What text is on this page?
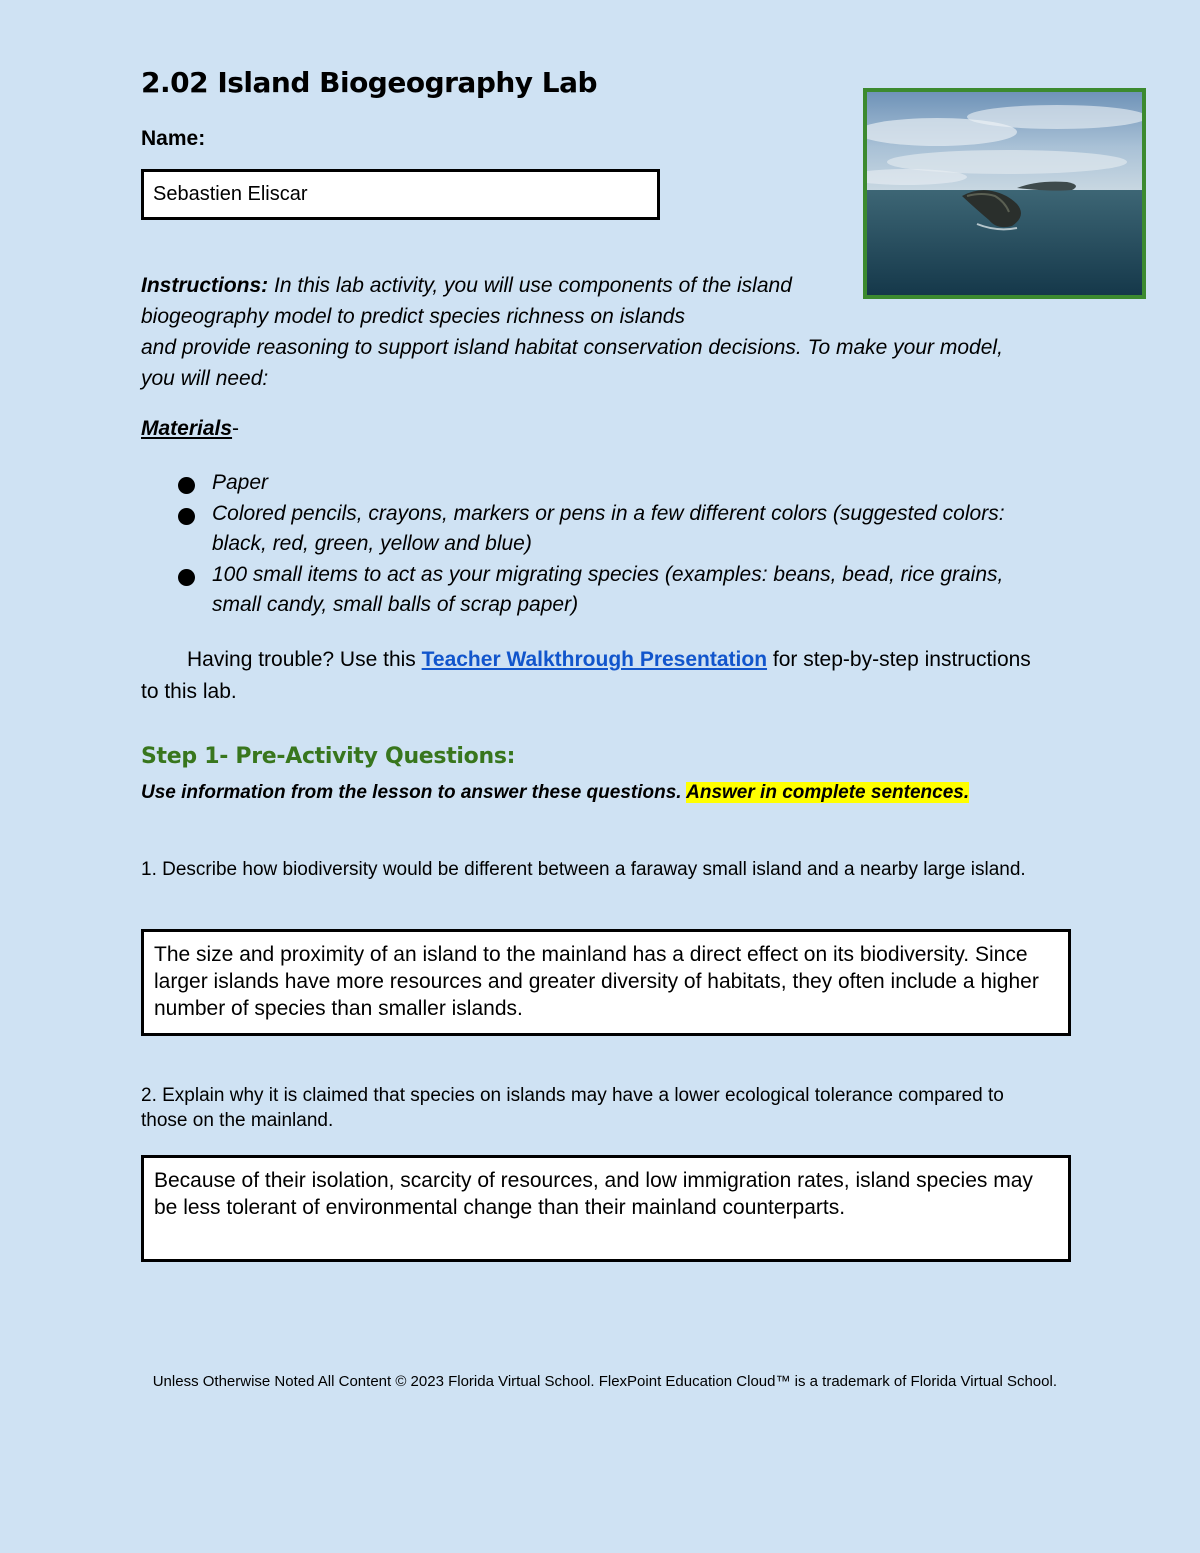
2.02 Island Biogeography Lab
Name:
Sebastien Eliscar

Instructions: In this lab activity, you will use components of the island biogeography model to predict species richness on islands
and provide reasoning to support island habitat conservation decisions. To make your model, you will need:

Materials-
Paper
Colored pencils, crayons, markers or pens in a few different colors (suggested colors: black, red, green, yellow and blue)
100 small items to act as your migrating species (examples: beans, bead, rice grains, small candy, small balls of scrap paper)

Having trouble? Use this Teacher Walkthrough Presentation for step-by-step instructions to this lab.

Step 1- Pre-Activity Questions:

Use information from the lesson to answer these questions. Answer in complete sentences.

1. Describe how biodiversity would be different between a faraway small island and a nearby large island.

The size and proximity of an island to the mainland has a direct effect on its biodiversity. Since larger islands have more resources and greater diversity of habitats, they often include a higher number of species than smaller islands.

2. Explain why it is claimed that species on islands may have a lower ecological tolerance compared to those on the mainland.

Because of their isolation, scarcity of resources, and low immigration rates, island species may be less tolerant of environmental change than their mainland counterparts.

Unless Otherwise Noted All Content © 2023 Florida Virtual School. FlexPoint Education Cloud™ is a trademark of Florida Virtual School.
